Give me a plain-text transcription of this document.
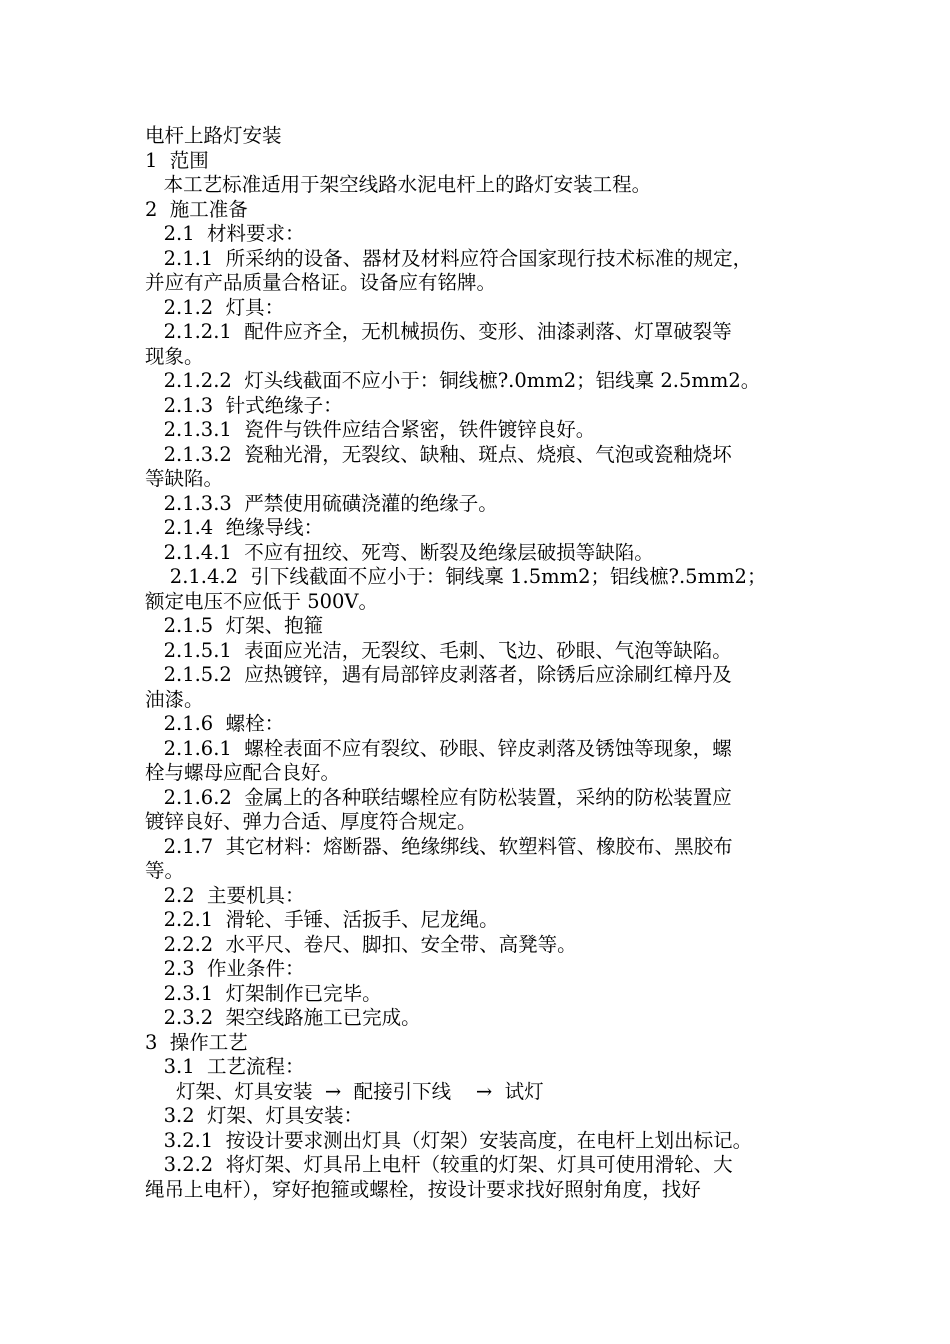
电杆上路灯安装
1  范围
本工艺标准适用于架空线路水泥电杆上的路灯安装工程。
2  施工准备
2.1  材料要求：
2.1.1  所采纳的设备、器材及材料应符合国家现行技术标准的规定，
并应有产品质量合格证。设备应有铭牌。
2.1.2  灯具：
2.1.2.1  配件应齐全，无机械损伤、变形、油漆剥落、灯罩破裂等
现象。
2.1.2.2  灯头线截面不应小于：铜线樜?.0mm2；铝线稟 2.5mm2。
2.1.3  针式绝缘子：
2.1.3.1  瓷件与铁件应结合紧密，铁件镀锌良好。
2.1.3.2  瓷釉光滑，无裂纹、缺釉、斑点、烧痕、气泡或瓷釉烧坏
等缺陷。
2.1.3.3  严禁使用硫磺浇灌的绝缘子。
2.1.4  绝缘导线：
2.1.4.1  不应有扭绞、死弯、断裂及绝缘层破损等缺陷。
2.1.4.2  引下线截面不应小于：铜线稟 1.5mm2；铝线樜?.5mm2；
额定电压不应低于 500V。
2.1.5  灯架、抱箍
2.1.5.1  表面应光洁，无裂纹、毛刺、飞边、砂眼、气泡等缺陷。
2.1.5.2  应热镀锌，遇有局部锌皮剥落者，除锈后应涂刷红樟丹及
油漆。
2.1.6  螺栓：
2.1.6.1  螺栓表面不应有裂纹、砂眼、锌皮剥落及锈蚀等现象，螺
栓与螺母应配合良好。
2.1.6.2  金属上的各种联结螺栓应有防松装置，采纳的防松装置应
镀锌良好、弹力合适、厚度符合规定。
2.1.7  其它材料：熔断器、绝缘绑线、软塑料管、橡胶布、黑胶布
等。
2.2  主要机具：
2.2.1  滑轮、手锤、活扳手、尼龙绳。
2.2.2  水平尺、卷尺、脚扣、安全带、高凳等。
2.3  作业条件：
2.3.1  灯架制作已完毕。
2.3.2  架空线路施工已完成。
3  操作工艺
3.1  工艺流程：
灯架、灯具安装  →  配接引下线    →  试灯
3.2  灯架、灯具安装：
3.2.1  按设计要求测出灯具（灯架）安装高度，在电杆上划出标记。
3.2.2  将灯架、灯具吊上电杆（较重的灯架、灯具可使用滑轮、大
绳吊上电杆），穿好抱箍或螺栓，按设计要求找好照射角度，找好
